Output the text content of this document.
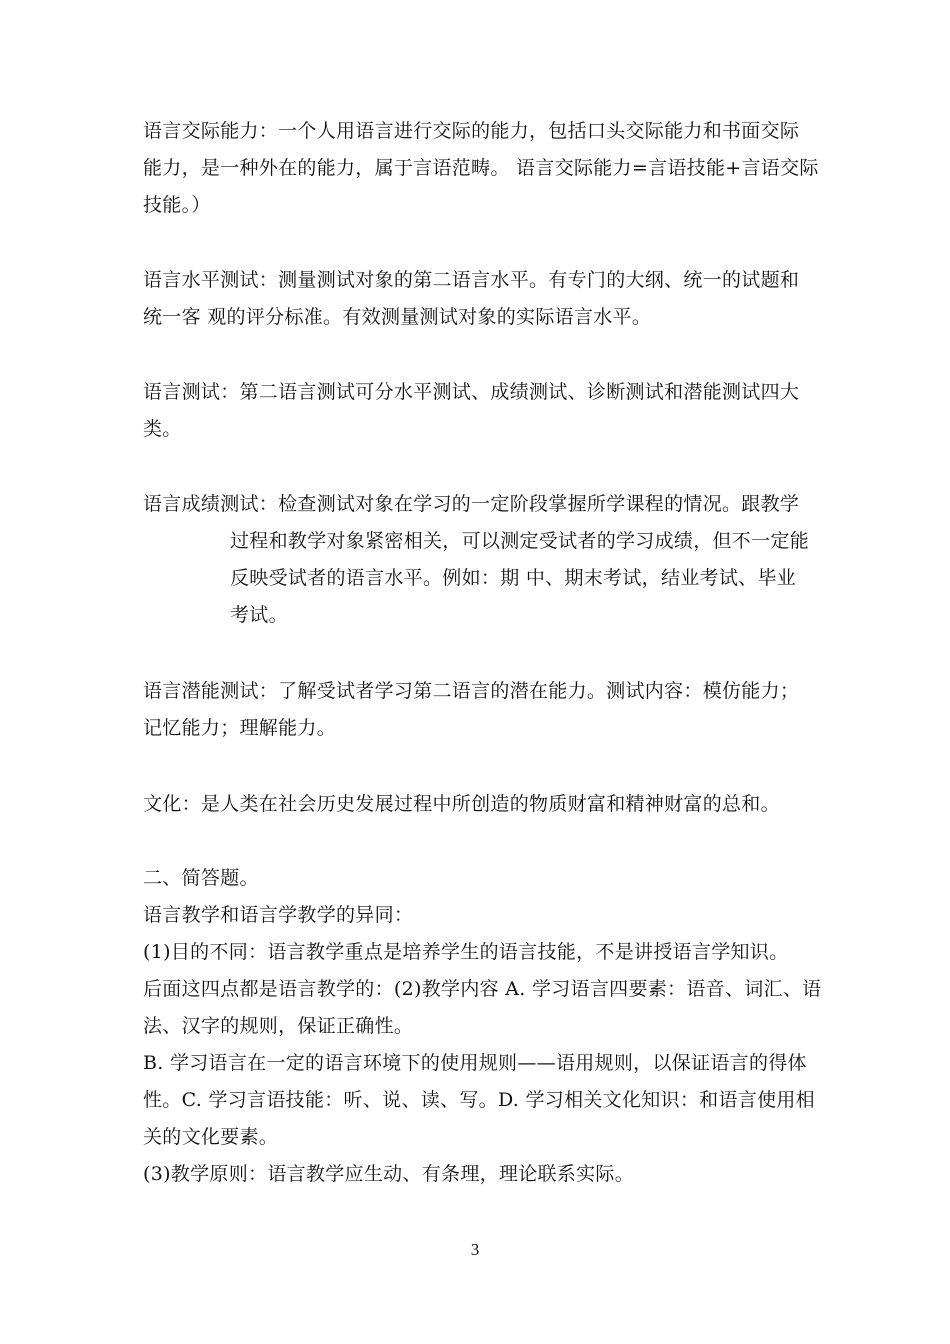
语言交际能力：一个人用语言进行交际的能力，包括口头交际能力和书面交际
能力，是一种外在的能力，属于言语范畴。 语言交际能力=言语技能+言语交际
技能。）

语言水平测试：测量测试对象的第二语言水平。有专门的大纲、统一的试题和
统一客 观的评分标准。有效测量测试对象的实际语言水平。

语言测试：第二语言测试可分水平测试、成绩测试、诊断测试和潜能测试四大
类。

语言成绩测试：检查测试对象在学习的一定阶段掌握所学课程的情况。跟教学

过程和教学对象紧密相关，可以测定受试者的学习成绩，但不一定能
反映受试者的语言水平。例如：期 中、期末考试，结业考试、毕业
考试。

语言潜能测试：了解受试者学习第二语言的潜在能力。测试内容：模仿能力；
记忆能力；理解能力。

文化：是人类在社会历史发展过程中所创造的物质财富和精神财富的总和。

二、简答题。
语言教学和语言学教学的异同：
(1)目的不同：语言教学重点是培养学生的语言技能，不是讲授语言学知识。
后面这四点都是语言教学的：(2)教学内容 A. 学习语言四要素：语音、词汇、语
法、汉字的规则，保证正确性。
B. 学习语言在一定的语言环境下的使用规则——语用规则，以保证语言的得体
性。C. 学习言语技能：听、说、读、写。D. 学习相关文化知识：和语言使用相
关的文化要素。
(3)教学原则：语言教学应生动、有条理，理论联系实际。

3
